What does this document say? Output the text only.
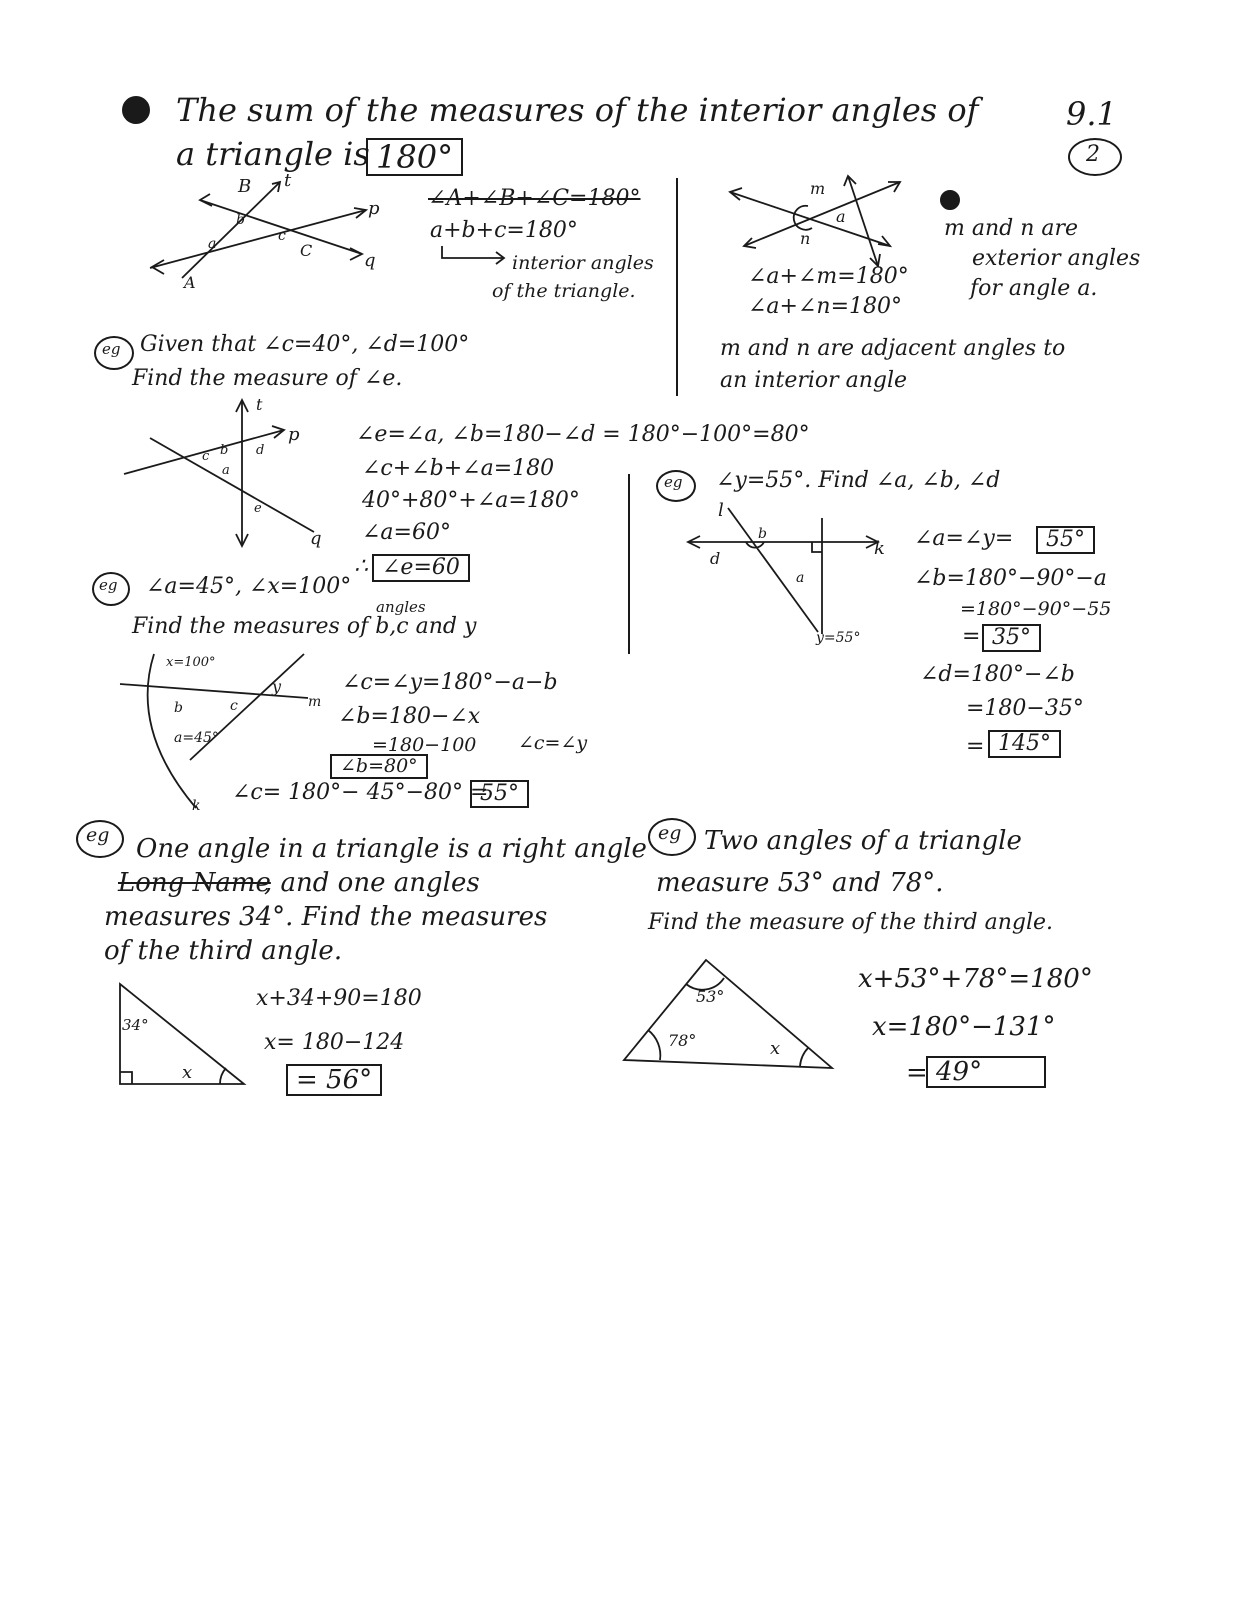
The sum of the measures of the interior angles of
a triangle is 180°
9.1
2
B t
p
q
A
C
a
b
c
∠A+∠B+∠C=180°
a+b+c=180°
interior angles
of the triangle.
m
a
n
∠a+∠m=180°
∠a+∠n=180°
m and n are
exterior angles
for angle a.
m and n are adjacent angles to
an interior angle
eg Given that ∠c=40°, ∠d=100°
Find the measure of ∠e.
t
p
q
c b d
a
e
∠e=∠a, ∠b=180−∠d = 180°−100°=80°
∠c+∠b+∠a=180
40°+80°+∠a=180°
∠a=60°
∴ ∠e=60
eg ∠y=55°. Find ∠a, ∠b, ∠d
l
k
b
d
a
y=55°
∠a=∠y=	55°
∠b=180°−90°−a
=180°−90°−55
= 35°
∠d=180°−∠b
=180−35°
= 145°
eg ∠a=45°, ∠x=100°
angles
Find the measures of b,c and y
x=100°
m
y
c
b
a=45°
k
∠c=∠y=180°−a−b
∠b=180−∠x
=180−100
∠b=80°
∠c=∠y
∠c= 180°− 45°−80° =
55°
eg One angle in a triangle is a right angle
Long Name
, and one angles
measures 34°. Find the measures
of the third angle.
34°
x
x+34+90=180
x= 180−124
= 56°
eg Two angles of a triangle
measure 53° and 78°.
Find the measure of the third angle.
53°
78°	x
x+53°+78°=180°
x=180°−131°
= 49°
